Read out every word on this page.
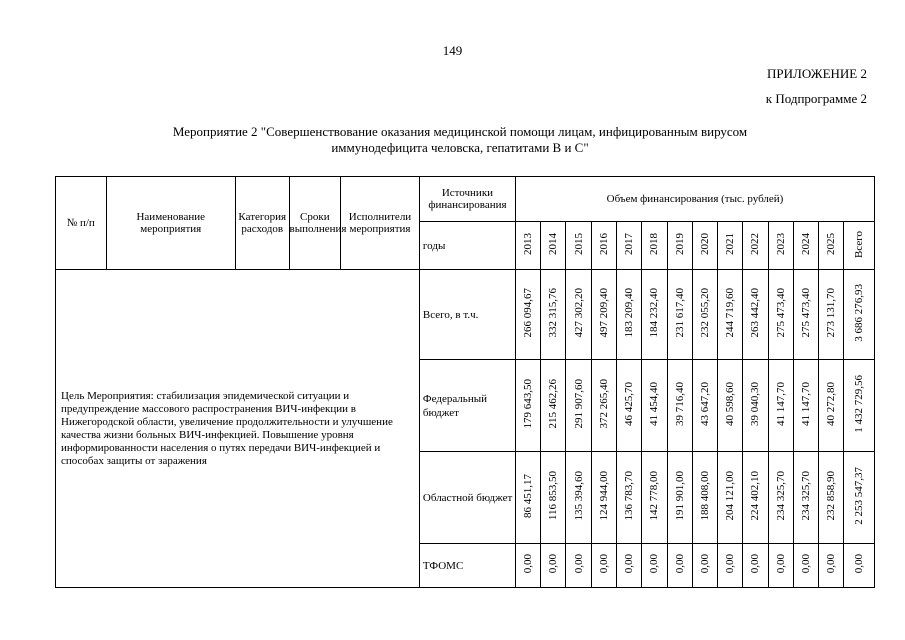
149
ПРИЛОЖЕНИЕ 2
к Подпрограмме 2
Мероприятие 2 "Совершенствование оказания медицинской помощи лицам, инфицированным вирусом
иммунодефицита человска, гепатитами В и С"
№ п/п	Наименование мероприятия	Категория расходов	Сроки выполнения	Исполнители мероприятия	Источники финансирования	Объем финансирования (тыс. рублей)													
					годы	2013	2014	2015	2016	2017	2018	2019	2020	2021	2022	2023	2024	2025	Всего
Цель Мероприятия: стабилизация эпидемической ситуации и предупреждение массового распространения ВИЧ-инфекции в Нижегородской области, увеличение продолжительности и улучшение качества жизни больных ВИЧ-инфекцией. Повышение уровня информированности населения о путях передачи ВИЧ-инфекцией и способах защиты от заражения					Всего, в т.ч.	266 094,67	332 315,76	427 302,20	497 209,40	183 209,40	184 232,40	231 617,40	232 055,20	244 719,60	263 442,40	275 473,40	275 473,40	273 131,70	3 686 276,93
					Федеральный бюджет	179 643,50	215 462,26	291 907,60	372 265,40	46 425,70	41 454,40	39 716,40	43 647,20	40 598,60	39 040,30	41 147,70	41 147,70	40 272,80	1 432 729,56
					Областной бюджет	86 451,17	116 853,50	135 394,60	124 944,00	136 783,70	142 778,00	191 901,00	188 408,00	204 121,00	224 402,10	234 325,70	234 325,70	232 858,90	2 253 547,37
					ТФОМС	0,00	0,00	0,00	0,00	0,00	0,00	0,00	0,00	0,00	0,00	0,00	0,00	0,00	0,00
